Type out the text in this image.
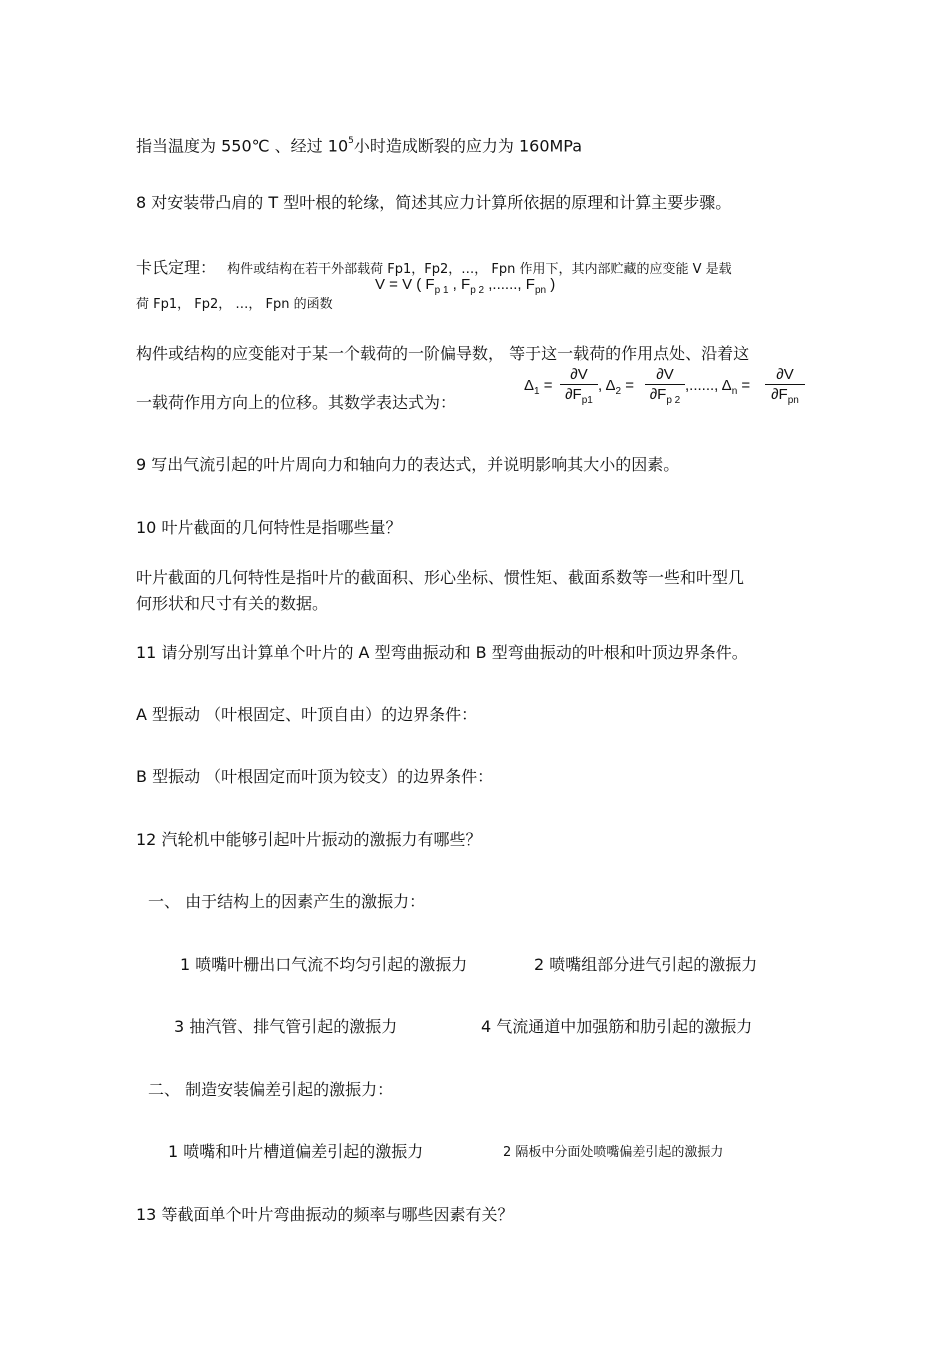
指当温度为 550℃ 、经过 $10^5$小时造成断裂的应力为 160MPa
8 对安装带凸肩的 T 型叶根的轮缘，简述其应力计算所依据的原理和计算主要步骤。
卡氏定理： 构件或结构在若干外部载荷 Fp1，Fp2，…， Fpn 作用下，其内部贮藏的应变能 V 是载
V = V ( $F_{p 1}$ , $F_{p 2}$ ,......, $F_{pn}$ )
荷 Fp1， Fp2， …， Fpn 的函数
构件或结构的应变能对于某一个载荷的一阶偏导数， 等于这一载荷的作用点处、沿着这
一载荷作用方向上的位移。其数学表达式为：
$\Delta_1 = \frac{\partial V}{\partial F_{p1}}$ , $\Delta_2 = \frac{\partial V}{\partial F_{p 2}}$ ,......, $\Delta_n$ =
∂V
$\partial F_{pn}$
9 写出气流引起的叶片周向力和轴向力的表达式，并说明影响其大小的因素。
10 叶片截面的几何特性是指哪些量？
叶片截面的几何特性是指叶片的截面积、形心坐标、惯性矩、截面系数等一些和叶型几
何形状和尺寸有关的数据。
11 请分别写出计算单个叶片的 A 型弯曲振动和 B 型弯曲振动的叶根和叶顶边界条件。
A 型振动 （叶根固定、叶顶自由）的边界条件：
B 型振动 （叶根固定而叶顶为铰支）的边界条件：
12 汽轮机中能够引起叶片振动的激振力有哪些？
一、 由于结构上的因素产生的激振力：
1 喷嘴叶栅出口气流不均匀引起的激振力	2 喷嘴组部分进气引起的激振力
3 抽汽管、排气管引起的激振力	4 气流通道中加强筋和肋引起的激振力
二、 制造安装偏差引起的激振力：
1 喷嘴和叶片槽道偏差引起的激振力	2 隔板中分面处喷嘴偏差引起的激振力
13 等截面单个叶片弯曲振动的频率与哪些因素有关？
